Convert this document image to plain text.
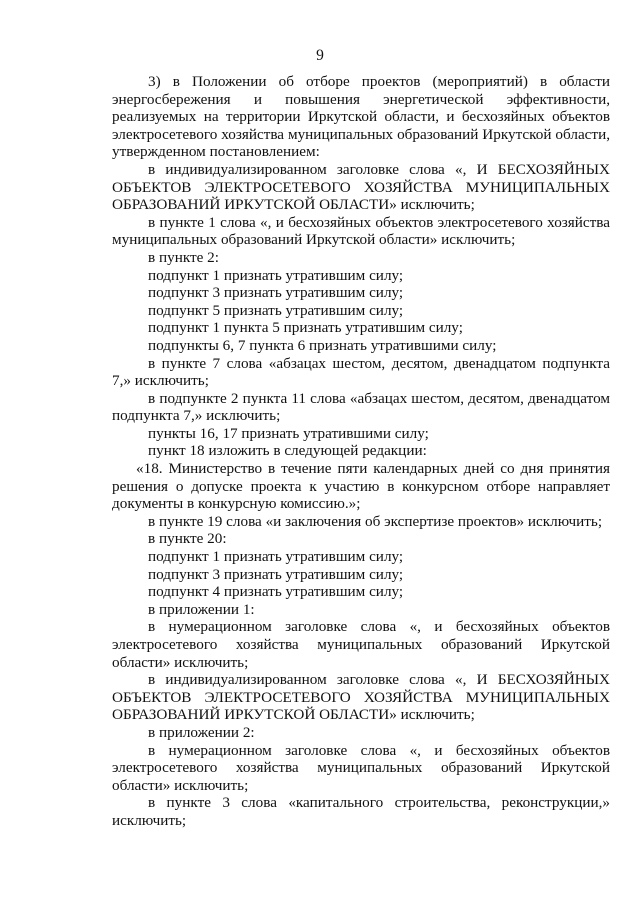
9

3) в Положении об отборе проектов (мероприятий) в области энергосбережения и повышения энергетической эффективности, реализуемых на территории Иркутской области, и бесхозяйных объектов электросетевого хозяйства муниципальных образований Иркутской области, утвержденном постановлением:

в индивидуализированном заголовке слова «, И БЕСХОЗЯЙНЫХ ОБЪЕКТОВ ЭЛЕКТРОСЕТЕВОГО ХОЗЯЙСТВА МУНИЦИПАЛЬНЫХ ОБРАЗОВАНИЙ ИРКУТСКОЙ ОБЛАСТИ» исключить;

в пункте 1 слова «, и бесхозяйных объектов электросетевого хозяйства муниципальных образований Иркутской области» исключить;

в пункте 2:

подпункт 1 признать утратившим силу;

подпункт 3 признать утратившим силу;

подпункт 5 признать утратившим силу;

подпункт 1 пункта 5 признать утратившим силу;

подпункты 6, 7 пункта 6 признать утратившими силу;

в пункте 7 слова «абзацах шестом, десятом, двенадцатом подпункта 7,» исключить;

в подпункте 2 пункта 11 слова «абзацах шестом, десятом, двенадцатом подпункта 7,» исключить;

пункты 16, 17 признать утратившими силу;

пункт 18 изложить в следующей редакции:

«18. Министерство в течение пяти календарных дней со дня принятия решения о допуске проекта к участию в конкурсном отборе направляет документы в конкурсную комиссию.»;

в пункте 19 слова «и заключения об экспертизе проектов» исключить;

в пункте 20:

подпункт 1 признать утратившим силу;

подпункт 3 признать утратившим силу;

подпункт 4 признать утратившим силу;

в приложении 1:

в нумерационном заголовке слова «, и бесхозяйных объектов электросетевого хозяйства муниципальных образований Иркутской области» исключить;

в индивидуализированном заголовке слова «, И БЕСХОЗЯЙНЫХ ОБЪЕКТОВ ЭЛЕКТРОСЕТЕВОГО ХОЗЯЙСТВА МУНИЦИПАЛЬНЫХ ОБРАЗОВАНИЙ ИРКУТСКОЙ ОБЛАСТИ» исключить;

в приложении 2:

в нумерационном заголовке слова «, и бесхозяйных объектов электросетевого хозяйства муниципальных образований Иркутской области» исключить;

в пункте 3 слова «капитального строительства, реконструкции,» исключить;
